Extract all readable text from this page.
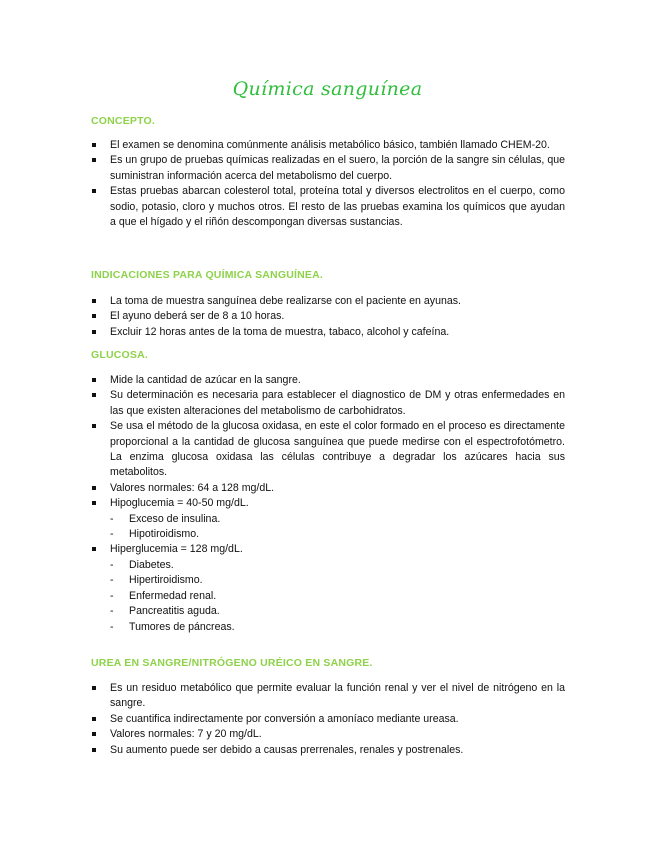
Química sanguínea
CONCEPTO.
El examen se denomina comúnmente análisis metabólico básico, también llamado CHEM-20.
Es un grupo de pruebas químicas realizadas en el suero, la porción de la sangre sin células, que suministran información acerca del metabolismo del cuerpo.
Estas pruebas abarcan colesterol total, proteína total y diversos electrolitos en el cuerpo, como sodio, potasio, cloro y muchos otros. El resto de las pruebas examina los químicos que ayudan a que el hígado y el riñón descompongan diversas sustancias.
INDICACIONES PARA QUÍMICA SANGUÍNEA.
La toma de muestra sanguínea debe realizarse con el paciente en ayunas.
El ayuno deberá ser de 8 a 10 horas.
Excluir 12 horas antes de la toma de muestra, tabaco, alcohol y cafeína.
GLUCOSA.
Mide la cantidad de azúcar en la sangre.
Su determinación es necesaria para establecer el diagnostico de DM y otras enfermedades en las que existen alteraciones del metabolismo de carbohidratos.
Se usa el método de la glucosa oxidasa, en este el color formado en el proceso es directamente proporcional a la cantidad de glucosa sanguínea que puede medirse con el espectrofotómetro. La enzima glucosa oxidasa las células contribuye a degradar los azúcares hacia sus metabolitos.
Valores normales: 64 a 128 mg/dL.
Hipoglucemia = 40-50 mg/dL.
- Exceso de insulina.
- Hipotiroidismo.
Hiperglucemia = 128 mg/dL.
- Diabetes.
- Hipertiroidismo.
- Enfermedad renal.
- Pancreatitis aguda.
- Tumores de páncreas.
UREA EN SANGRE/NITRÓGENO URÉICO EN SANGRE.
Es un residuo metabólico que permite evaluar la función renal y ver el nivel de nitrógeno en la sangre.
Se cuantifica indirectamente por conversión a amoníaco mediante ureasa.
Valores normales: 7 y 20 mg/dL.
Su aumento puede ser debido a causas prerrenales, renales y postrenales.
